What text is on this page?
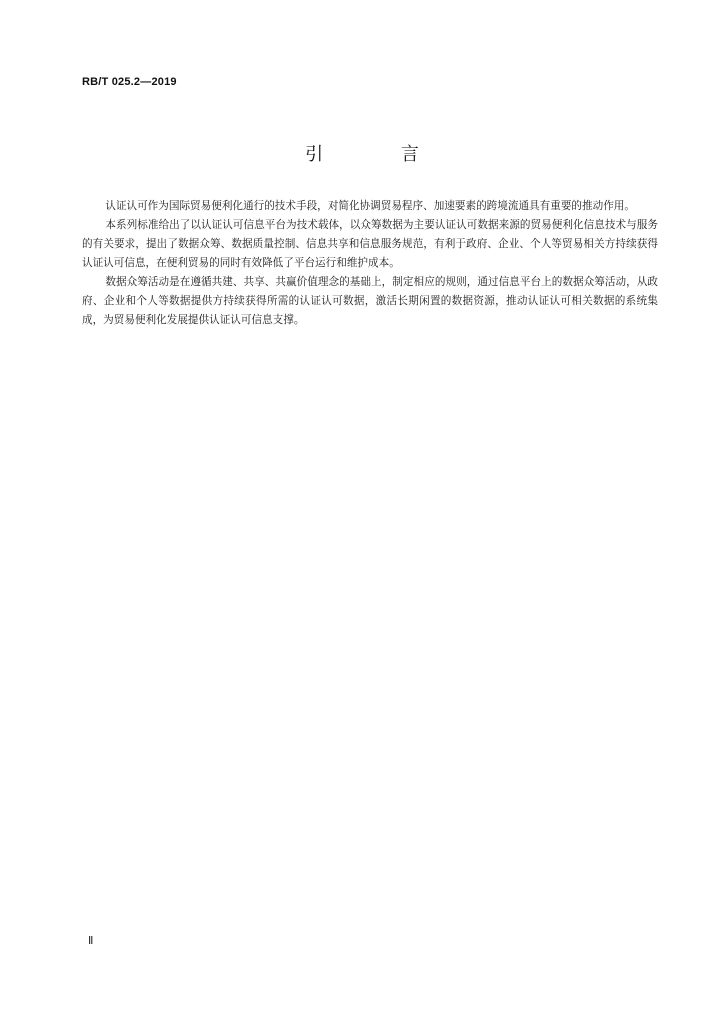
RB/T 025.2—2019
引 言

认证认可作为国际贸易便利化通行的技术手段，对简化协调贸易程序、加速要素的跨境流通具有重要的推动作用。

本系列标准给出了以认证认可信息平台为技术载体，以众筹数据为主要认证认可数据来源的贸易便利化信息技术与服务的有关要求，提出了数据众筹、数据质量控制、信息共享和信息服务规范，有利于政府、企业、个人等贸易相关方持续获得认证认可信息，在便利贸易的同时有效降低了平台运行和维护成本。

数据众筹活动是在遵循共建、共享、共赢价值理念的基础上，制定相应的规则，通过信息平台上的数据众筹活动，从政府、企业和个人等数据提供方持续获得所需的认证认可数据，激活长期闲置的数据资源，推动认证认可相关数据的系统集成，为贸易便利化发展提供认证认可信息支撑。

Ⅱ
